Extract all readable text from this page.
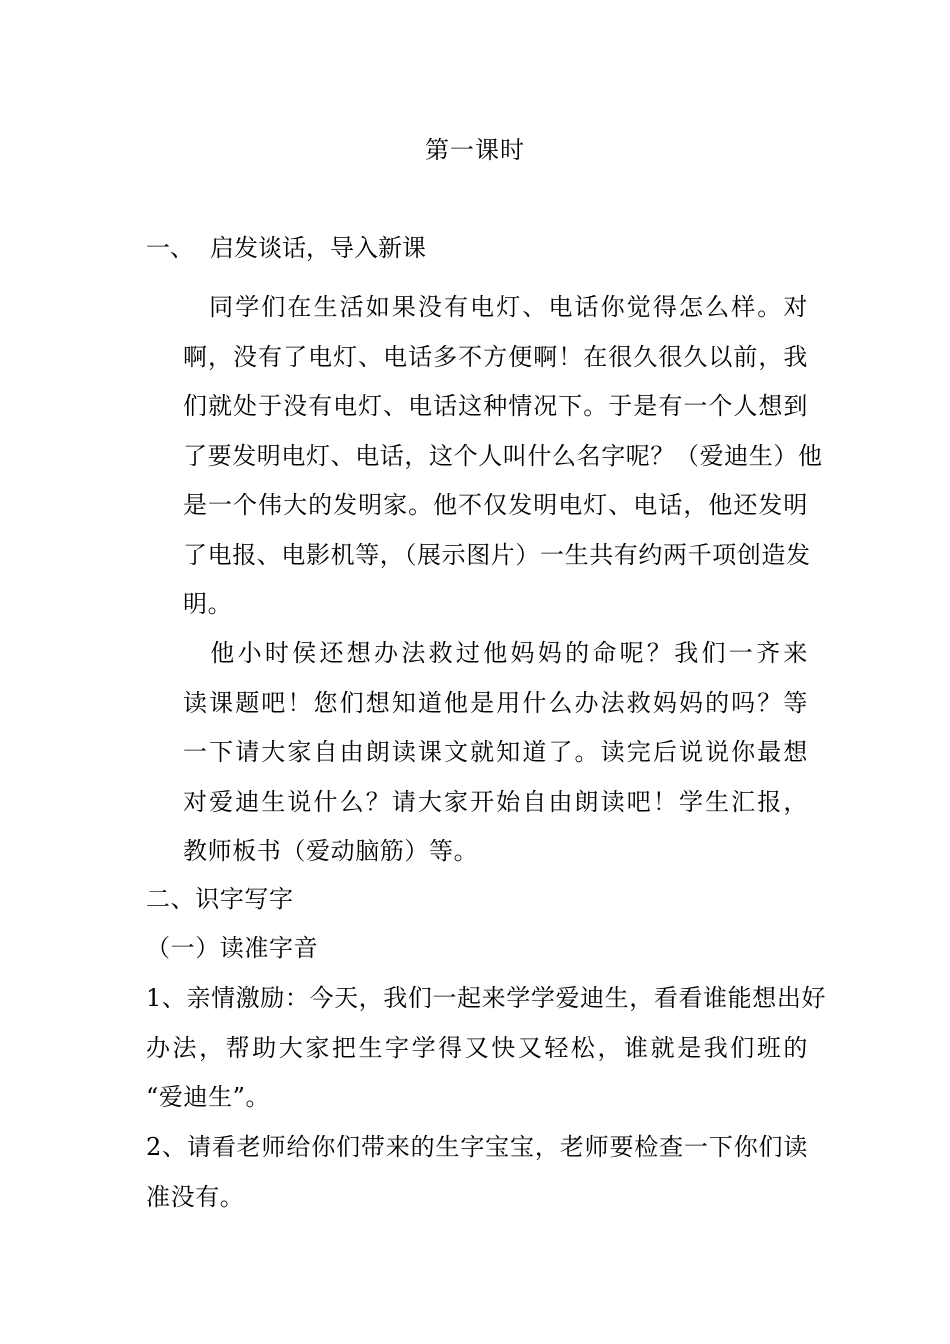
第一课时
一、 启发谈话，导入新课
　同学们在生活如果没有电灯、电话你觉得怎么样。对
啊，没有了电灯、电话多不方便啊！在很久很久以前，我
们就处于没有电灯、电话这种情况下。于是有一个人想到
了要发明电灯、电话，这个人叫什么名字呢？（爱迪生）他
是一个伟大的发明家。他不仅发明电灯、电话，他还发明
了电报、电影机等，（展示图片）一生共有约两千项创造发
明。
　他小时侯还想办法救过他妈妈的命呢？我们一齐来
读课题吧！您们想知道他是用什么办法救妈妈的吗？等
一下请大家自由朗读课文就知道了。读完后说说你最想
对爱迪生说什么？请大家开始自由朗读吧！学生汇报，
教师板书（爱动脑筋）等。
二、识字写字
（一）读准字音
1、亲情激励：今天，我们一起来学学爱迪生，看看谁能想出好
办法，帮助大家把生字学得又快又轻松，谁就是我们班的
“爱迪生”。
2、请看老师给你们带来的生字宝宝，老师要检查一下你们读
准没有。
